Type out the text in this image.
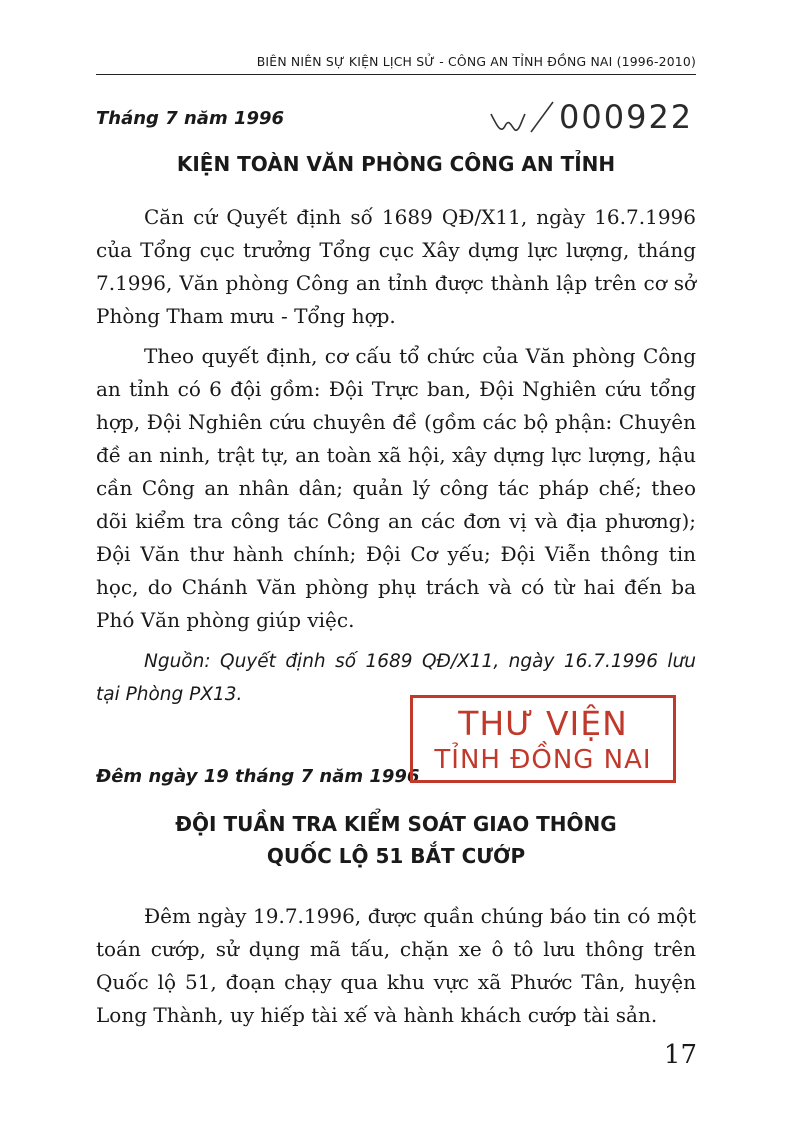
BIÊN NIÊN SỰ KIỆN LỊCH SỬ - CÔNG AN TỈNH ĐỒNG NAI (1996-2010)
Tháng 7 năm 1996	000922
KIỆN TOÀN VĂN PHÒNG CÔNG AN TỈNH

Căn cứ Quyết định số 1689 QĐ/X11, ngày 16.7.1996 của Tổng cục trưởng Tổng cục Xây dựng lực lượng, tháng 7.1996, Văn phòng Công an tỉnh được thành lập trên cơ sở Phòng Tham mưu - Tổng hợp.

Theo quyết định, cơ cấu tổ chức của Văn phòng Công an tỉnh có 6 đội gồm: Đội Trực ban, Đội Nghiên cứu tổng hợp, Đội Nghiên cứu chuyên đề (gồm các bộ phận: Chuyên đề an ninh, trật tự, an toàn xã hội, xây dựng lực lượng, hậu cần Công an nhân dân; quản lý công tác pháp chế; theo dõi kiểm tra công tác Công an các đơn vị và địa phương); Đội Văn thư hành chính; Đội Cơ yếu; Đội Viễn thông tin học, do Chánh Văn phòng phụ trách và có từ hai đến ba Phó Văn phòng giúp việc.

Nguồn: Quyết định số 1689 QĐ/X11, ngày 16.7.1996 lưu tại Phòng PX13.

Đêm ngày 19 tháng 7 năm 1996
THƯ VIỆN
TỈNH ĐỒNG NAI
ĐỘI TUẦN TRA KIỂM SOÁT GIAO THÔNG
QUỐC LỘ 51 BẮT CƯỚP

Đêm ngày 19.7.1996, được quần chúng báo tin có một toán cướp, sử dụng mã tấu, chặn xe ô tô lưu thông trên Quốc lộ 51, đoạn chạy qua khu vực xã Phước Tân, huyện Long Thành, uy hiếp tài xế và hành khách cướp tài sản.

17
